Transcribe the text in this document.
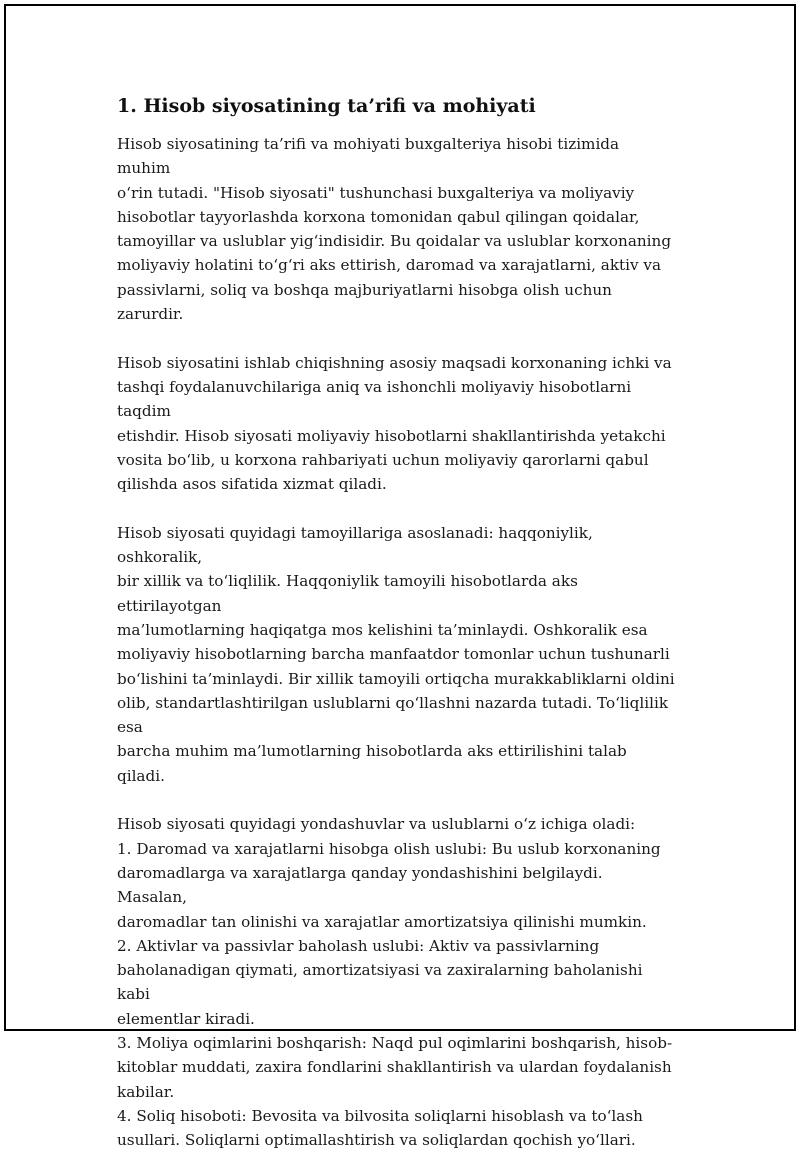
1. Hisob siyosatining ta’rifi va mohiyati

Hisob siyosatining ta’rifi va mohiyati buxgalteriya hisobi tizimida muhim
o‘rin tutadi. "Hisob siyosati" tushunchasi buxgalteriya va moliyaviy
hisobotlar tayyorlashda korxona tomonidan qabul qilingan qoidalar,
tamoyillar va uslublar yig‘indisidir. Bu qoidalar va uslublar korxonaning
moliyaviy holatini to‘g‘ri aks ettirish, daromad va xarajatlarni, aktiv va
passivlarni, soliq va boshqa majburiyatlarni hisobga olish uchun zarurdir.

Hisob siyosatini ishlab chiqishning asosiy maqsadi korxonaning ichki va
tashqi foydalanuvchilariga aniq va ishonchli moliyaviy hisobotlarni taqdim
etishdir. Hisob siyosati moliyaviy hisobotlarni shakllantirishda yetakchi
vosita bo‘lib, u korxona rahbariyati uchun moliyaviy qarorlarni qabul
qilishda asos sifatida xizmat qiladi.

Hisob siyosati quyidagi tamoyillariga asoslanadi: haqqoniylik, oshkoralik,
bir xillik va to‘liqlilik. Haqqoniylik tamoyili hisobotlarda aks ettirilayotgan
ma’lumotlarning haqiqatga mos kelishini ta’minlaydi. Oshkoralik esa
moliyaviy hisobotlarning barcha manfaatdor tomonlar uchun tushunarli
bo‘lishini ta’minlaydi. Bir xillik tamoyili ortiqcha murakkabliklarni oldini
olib, standartlashtirilgan uslublarni qo‘llashni nazarda tutadi. To‘liqlilik esa
barcha muhim ma’lumotlarning hisobotlarda aks ettirilishini talab qiladi.

Hisob siyosati quyidagi yondashuvlar va uslublarni o‘z ichiga oladi:

1. Daromad va xarajatlarni hisobga olish uslubi: Bu uslub korxonaning
daromadlarga va xarajatlarga qanday yondashishini belgilaydi. Masalan,
daromadlar tan olinishi va xarajatlar amortizatsiya qilinishi mumkin.

2. Aktivlar va passivlar baholash uslubi: Aktiv va passivlarning
baholanadigan qiymati, amortizatsiyasi va zaxiralarning baholanishi kabi
elementlar kiradi.

3. Moliya oqimlarini boshqarish: Naqd pul oqimlarini boshqarish, hisob-
kitoblar muddati, zaxira fondlarini shakllantirish va ulardan foydalanish
kabilar.

4. Soliq hisoboti: Bevosita va bilvosita soliqlarni hisoblash va to‘lash
usullari. Soliqlarni optimallashtirish va soliqlardan qochish yo‘llari.
